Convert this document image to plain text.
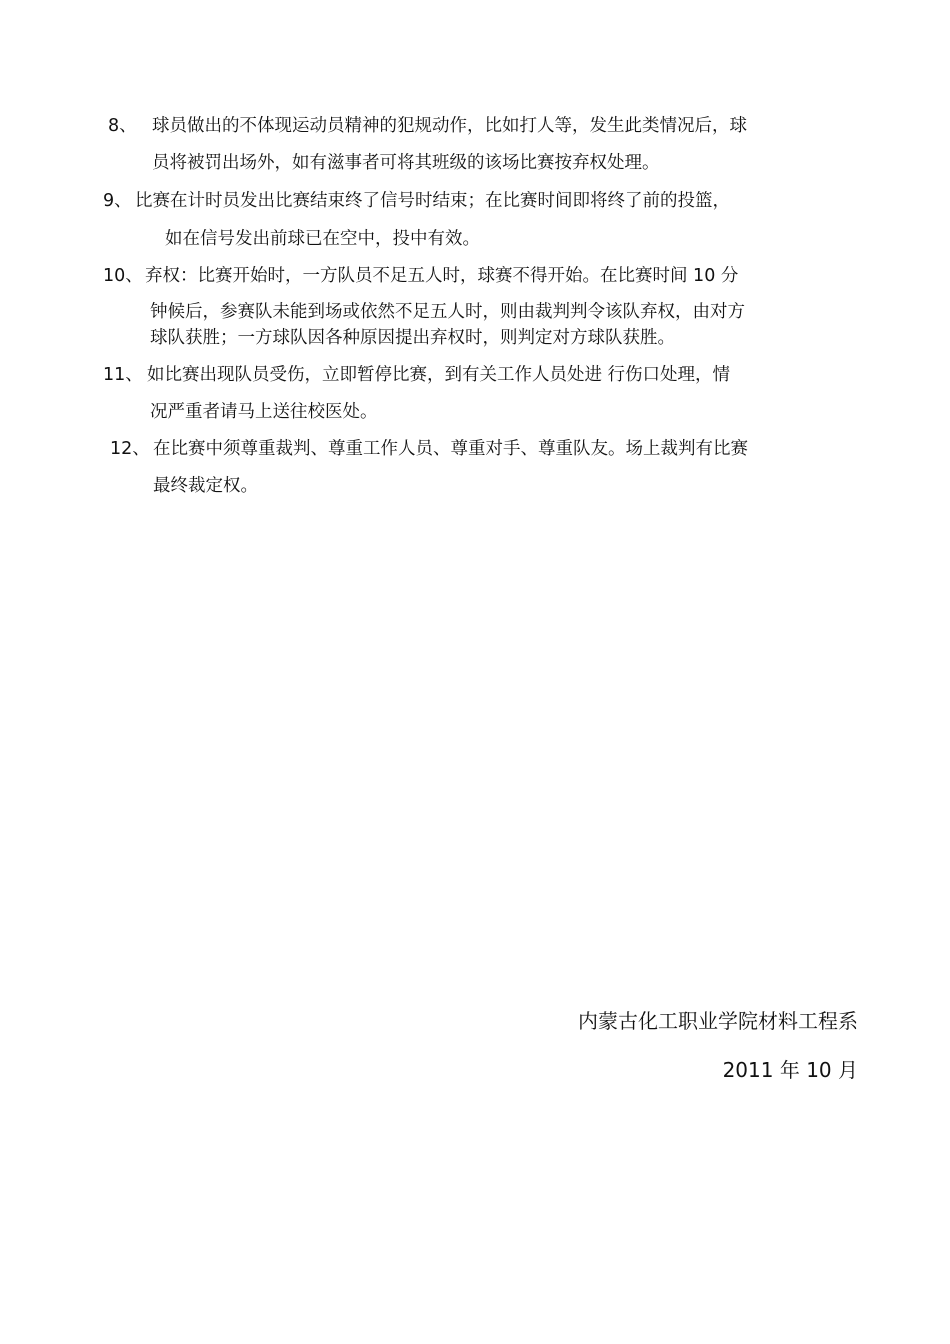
8、 球员做出的不体现运动员精神的犯规动作，比如打人等，发生此类情况后，球
员将被罚出场外，如有滋事者可将其班级的该场比赛按弃权处理。
9、 比赛在计时员发出比赛结束终了信号时结束；在比赛时间即将终了前的投篮，
如在信号发出前球已在空中，投中有效。
10、 弃权：比赛开始时，一方队员不足五人时，球赛不得开始。在比赛时间 10 分
钟候后，参赛队未能到场或依然不足五人时，则由裁判判令该队弃权，由对方
球队获胜；一方球队因各种原因提出弃权时，则判定对方球队获胜。
11、 如比赛出现队员受伤，立即暂停比赛，到有关工作人员处进 行伤口处理，情
况严重者请马上送往校医处。
12、 在比赛中须尊重裁判、尊重工作人员、尊重对手、尊重队友。场上裁判有比赛
最终裁定权。
内蒙古化工职业学院材料工程系
2011 年 10 月
